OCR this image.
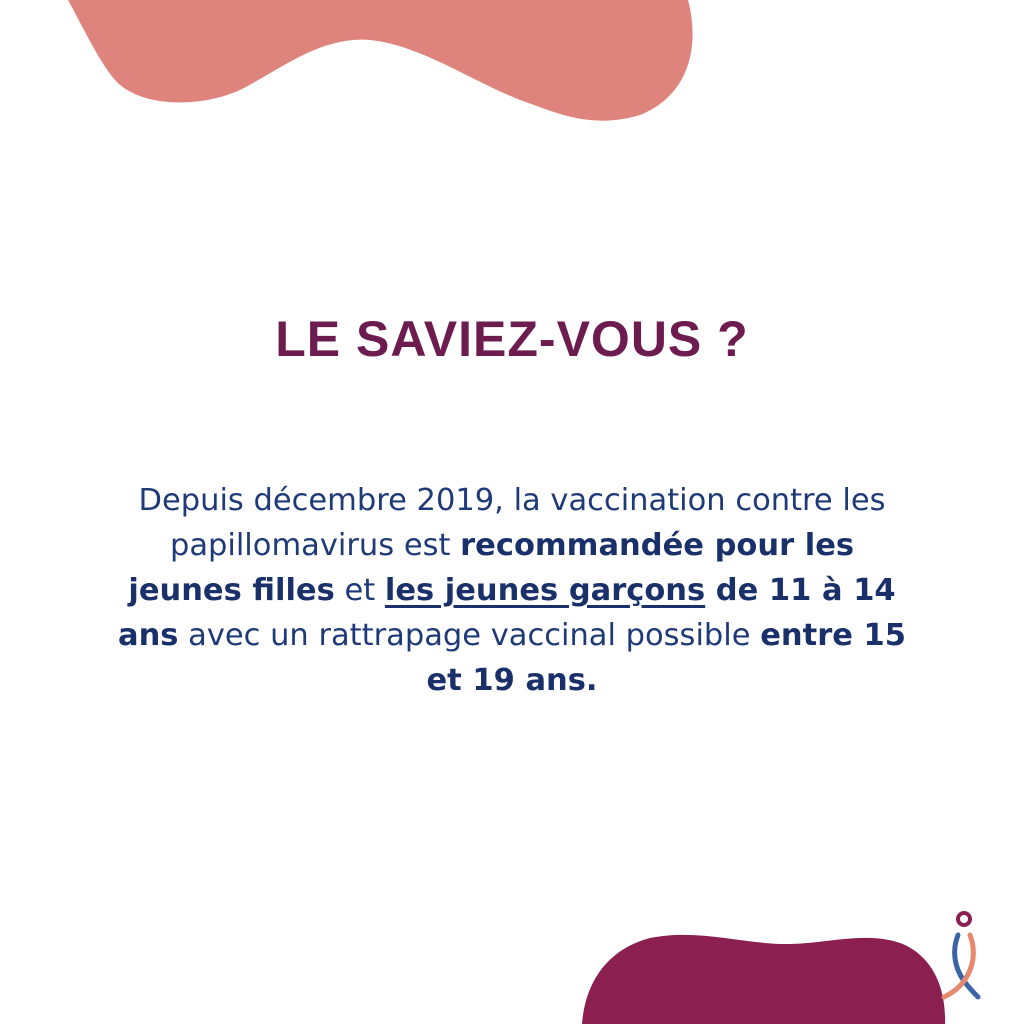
LE SAVIEZ-VOUS ?

Depuis décembre 2019, la vaccination contre les papillomavirus est recommandée pour les jeunes filles et les jeunes garçons de 11 à 14 ans avec un rattrapage vaccinal possible entre 15 et 19 ans.
